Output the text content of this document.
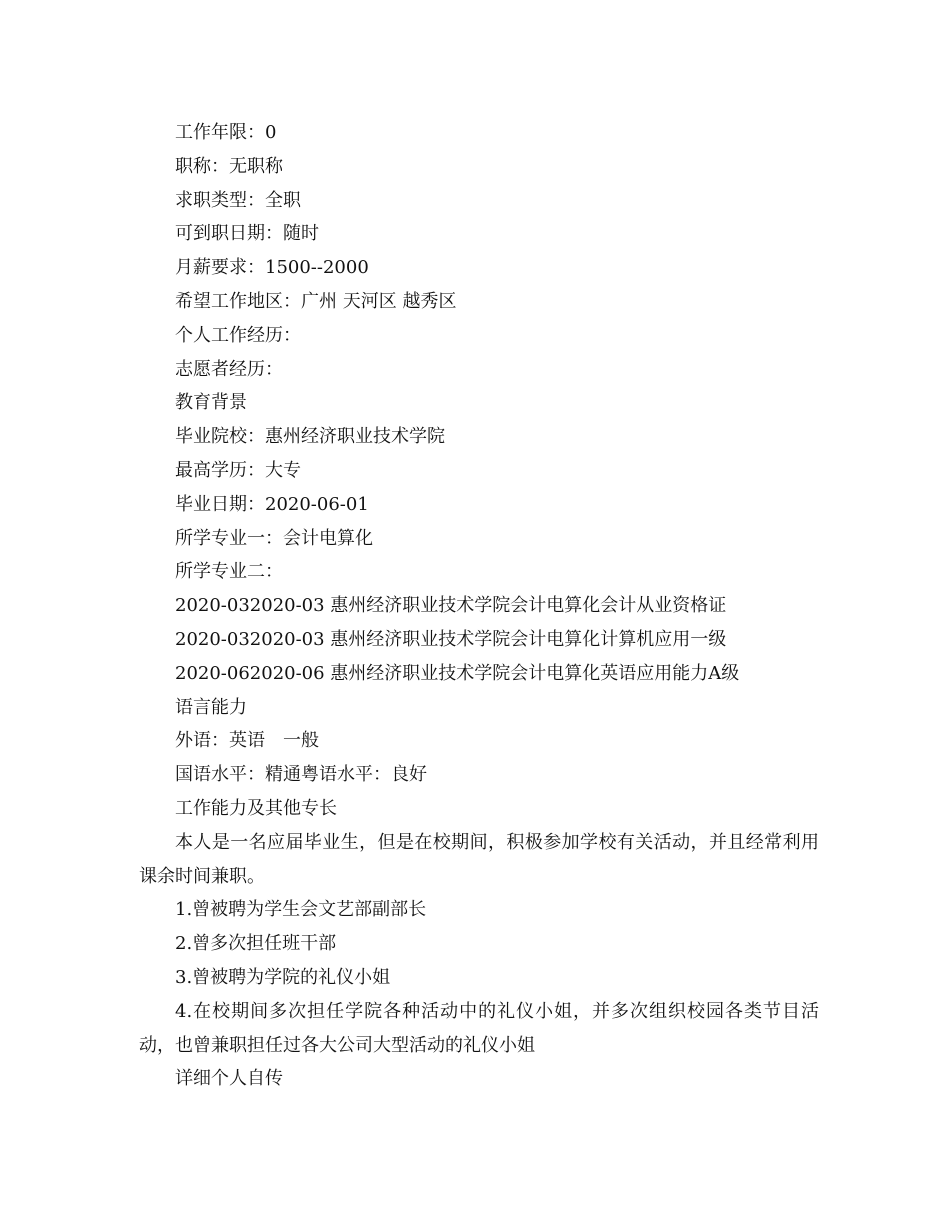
工作年限：0

职称：无职称

求职类型：全职

可到职日期：随时

月薪要求：1500--2000

希望工作地区：广州 天河区 越秀区

个人工作经历：

志愿者经历：

教育背景

毕业院校：惠州经济职业技术学院

最高学历：大专

毕业日期：2020-06-01

所学专业一：会计电算化

所学专业二：

2020-032020-03 惠州经济职业技术学院会计电算化会计从业资格证

2020-032020-03 惠州经济职业技术学院会计电算化计算机应用一级

2020-062020-06 惠州经济职业技术学院会计电算化英语应用能力A级

语言能力

外语：英语　一般

国语水平：精通粤语水平：良好

工作能力及其他专长

本人是一名应届毕业生，但是在校期间，积极参加学校有关活动，并且经常利用课余时间兼职。

1.曾被聘为学生会文艺部副部长

2.曾多次担任班干部

3.曾被聘为学院的礼仪小姐

4.在校期间多次担任学院各种活动中的礼仪小姐，并多次组织校园各类节目活动，也曾兼职担任过各大公司大型活动的礼仪小姐

详细个人自传
